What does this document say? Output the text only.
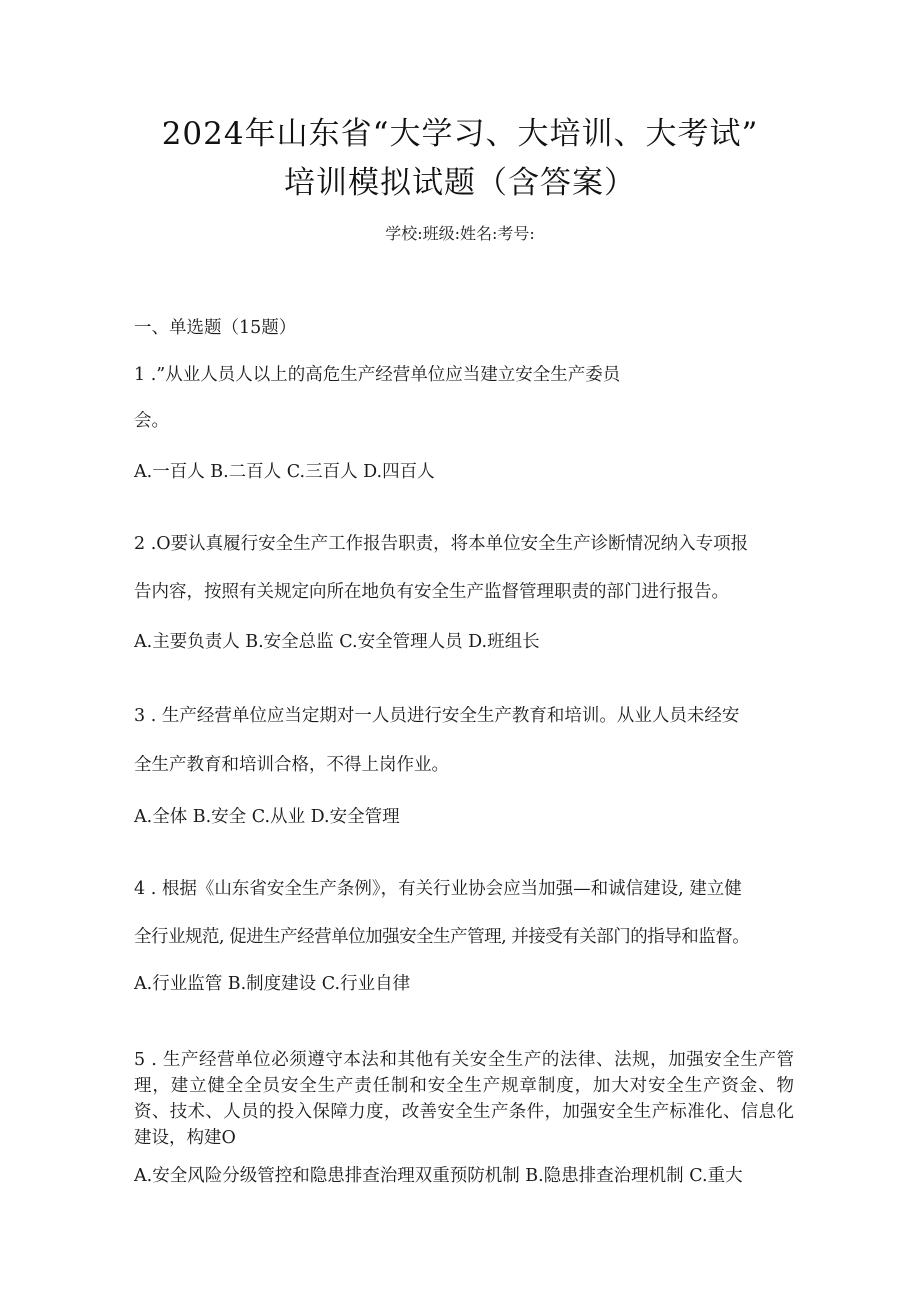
2024年山东省“大学习、大培训、大考试”
培训模拟试题（含答案）
学校:班级:姓名:考号:
一、单选题（15题）
1 .”从业人员人以上的高危生产经营单位应当建立安全生产委员
会。
A.一百人 B.二百人 C.三百人 D.四百人
2 .O要认真履行安全生产工作报告职责，将本单位安全生产诊断情况纳入专项报
告内容，按照有关规定向所在地负有安全生产监督管理职责的部门进行报告。
A.主要负责人 B.安全总监 C.安全管理人员 D.班组长
3 . 生产经营单位应当定期对一人员进行安全生产教育和培训。从业人员未经安
全生产教育和培训合格，不得上岗作业。
A.全体 B.安全 C.从业 D.安全管理
4 . 根据《山东省安全生产条例》，有关行业协会应当加强—和诚信建设, 建立健
全行业规范, 促进生产经营单位加强安全生产管理, 并接受有关部门的指导和监督。
A.行业监管 B.制度建设 C.行业自律
5 . 生产经营单位必须遵守本法和其他有关安全生产的法律、法规，加强安全生产管理，建立健全全员安全生产责任制和安全生产规章制度，加大对安全生产资金、物资、技术、人员的投入保障力度，改善安全生产条件，加强安全生产标准化、信息化建设，构建O
A.安全风险分级管控和隐患排查治理双重预防机制 B.隐患排查治理机制 C.重大
